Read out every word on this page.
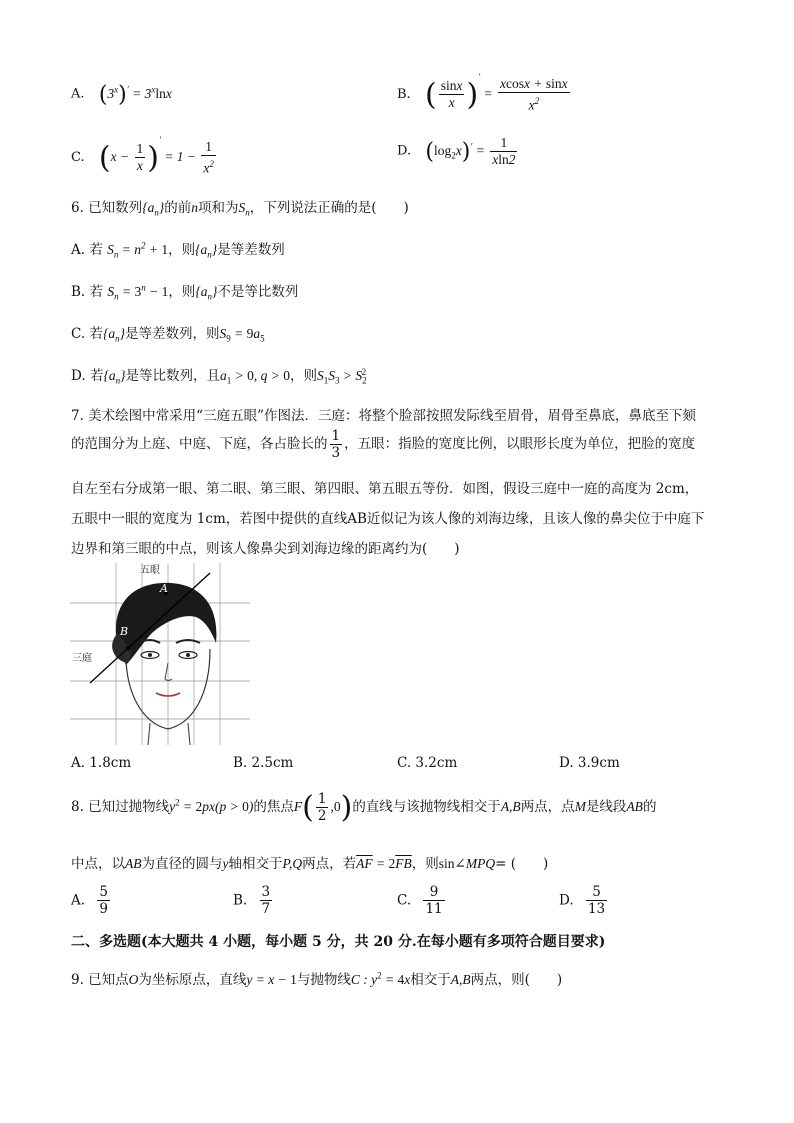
A. $(3^x)' = 3^x\ln x$	B. ( $\frac{\sin x}{x} )' = \frac{xcosx + \sin x}{x^2}$
C. $(x - \frac{1}{x} )' = 1 - \frac{1}{x^2}$	D. $(\log_2x)' = \frac{1}{xln2}$
6. 已知数列$\{a_n\}$的前n项和为$S_n$，下列说法正确的是(　　)
A. 若 $S_n = n^2 + 1$，则$\{a_n\}$是等差数列
B. 若 $S_n = 3^n - 1$，则$\{a_n\}$不是等比数列
C. 若$\{a_n\}$是等差数列，则$S_9 = 9a_5$
D. 若$\{a_n\}$是等比数列，且$a_1 > 0$, q > 0，则$S_1S_3 > S_2^2$
7. 美术绘图中常采用“三庭五眼”作图法．三庭：将整个脸部按照发际线至眉骨，眉骨至鼻底，鼻底至下颏
的范围分为上庭、中庭、下庭，各占脸长的 $\frac{1}{3}$ ，五眼：指脸的宽度比例，以眼形长度为单位，把脸的宽度
自左至右分成第一眼、第二眼、第三眼、第四眼、第五眼五等份．如图，假设三庭中一庭的高度为 2cm，
五眼中一眼的宽度为 1cm，若图中提供的直线AB近似记为该人像的刘海边缘，且该人像的鼻尖位于中庭下
边界和第三眼的中点，则该人像鼻尖到刘海边缘的距离约为(　　)
五眼
三庭
A
B
A. 1.8cm	B. 2.5cm	C. 3.2cm	D. 3.9cm
8. 已知过抛物线$y^2 = 2px(p > 0)$的焦点$F( \frac{1}{2} ,0)$的直线与该抛物线相交于A,B两点，点M是线段AB的
中点，以AB为直径的圆与y轴相交于P,Q两点，若$\overline{AF} = 2\overline{FB}$，则sin∠MPQ= (　　)
A. $\frac{5}{9}$	B. $\frac{3}{7}$	C. $\frac{9}{11}$	D. $\frac{5}{13}$
二、多选题(本大题共 4 小题，每小题 5 分，共 20 分.在每小题有多项符合题目要求)
9. 已知点O为坐标原点，直线y = x − 1与抛物线C : $y^2 = 4x$相交于A,B两点，则(　　)
